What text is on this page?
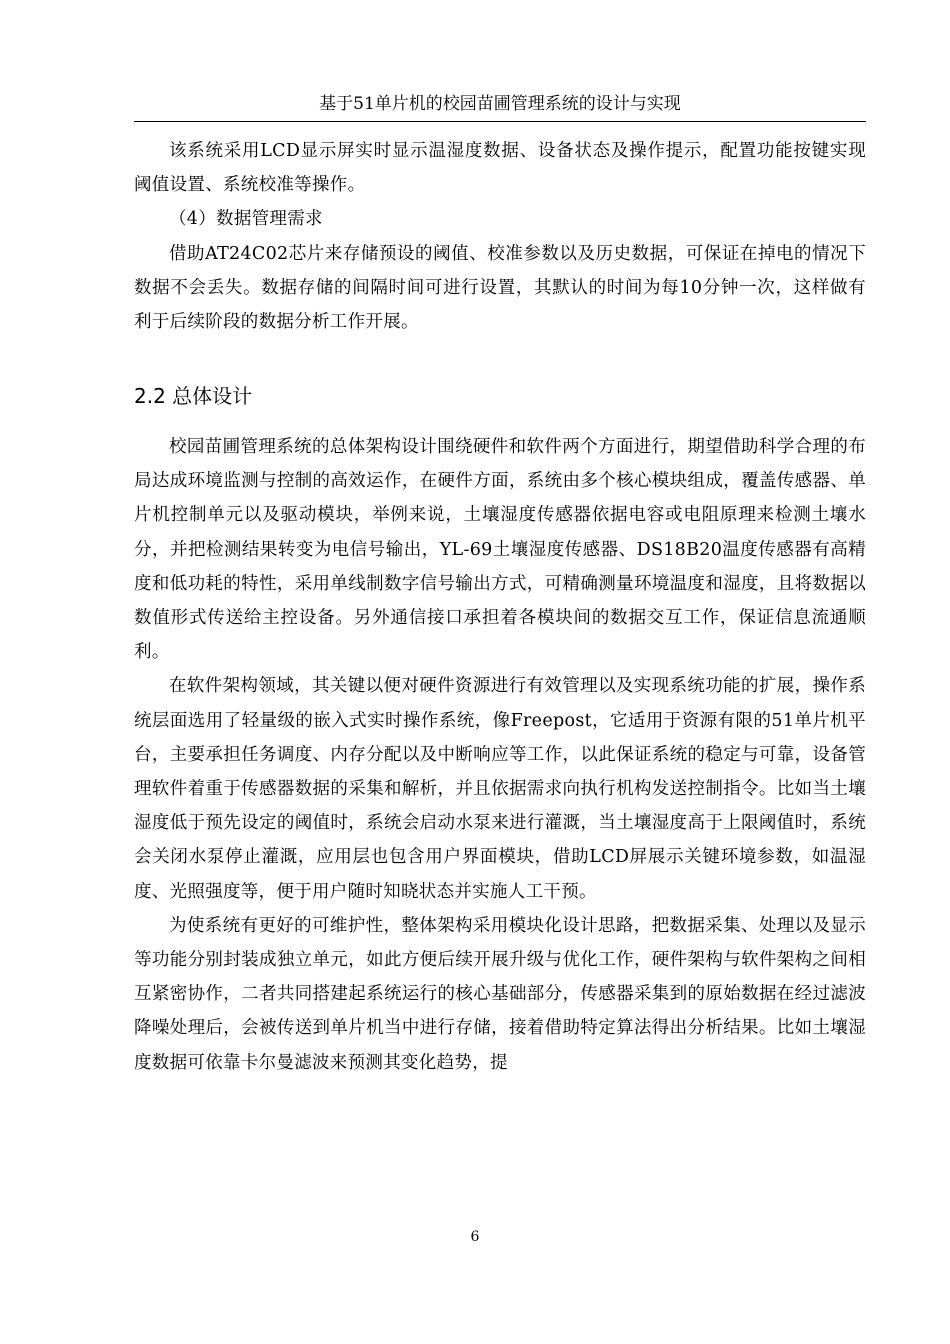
基于51单片机的校园苗圃管理系统的设计与实现

该系统采用LCD显示屏实时显示温湿度数据、设备状态及操作提示，配置功能按键实现阈值设置、系统校准等操作。

（4）数据管理需求

借助AT24C02芯片来存储预设的阈值、校准参数以及历史数据，可保证在掉电的情况下数据不会丢失。数据存储的间隔时间可进行设置，其默认的时间为每10分钟一次，这样做有利于后续阶段的数据分析工作开展。

2.2 总体设计

校园苗圃管理系统的总体架构设计围绕硬件和软件两个方面进行，期望借助科学合理的布局达成环境监测与控制的高效运作，在硬件方面，系统由多个核心模块组成，覆盖传感器、单片机控制单元以及驱动模块，举例来说，土壤湿度传感器依据电容或电阻原理来检测土壤水分，并把检测结果转变为电信号输出，YL-69土壤湿度传感器、DS18B20温度传感器有高精度和低功耗的特性，采用单线制数字信号输出方式，可精确测量环境温度和湿度，且将数据以数值形式传送给主控设备。另外通信接口承担着各模块间的数据交互工作，保证信息流通顺利。

在软件架构领域，其关键以便对硬件资源进行有效管理以及实现系统功能的扩展，操作系统层面选用了轻量级的嵌入式实时操作系统，像Freepost，它适用于资源有限的51单片机平台，主要承担任务调度、内存分配以及中断响应等工作，以此保证系统的稳定与可靠，设备管理软件着重于传感器数据的采集和解析，并且依据需求向执行机构发送控制指令。比如当土壤湿度低于预先设定的阈值时，系统会启动水泵来进行灌溉，当土壤湿度高于上限阈值时，系统会关闭水泵停止灌溉，应用层也包含用户界面模块，借助LCD屏展示关键环境参数，如温湿度、光照强度等，便于用户随时知晓状态并实施人工干预。

为使系统有更好的可维护性，整体架构采用模块化设计思路，把数据采集、处理以及显示等功能分别封装成独立单元，如此方便后续开展升级与优化工作，硬件架构与软件架构之间相互紧密协作，二者共同搭建起系统运行的核心基础部分，传感器采集到的原始数据在经过滤波降噪处理后，会被传送到单片机当中进行存储，接着借助特定算法得出分析结果。比如土壤湿度数据可依靠卡尔曼滤波来预测其变化趋势，提

6
